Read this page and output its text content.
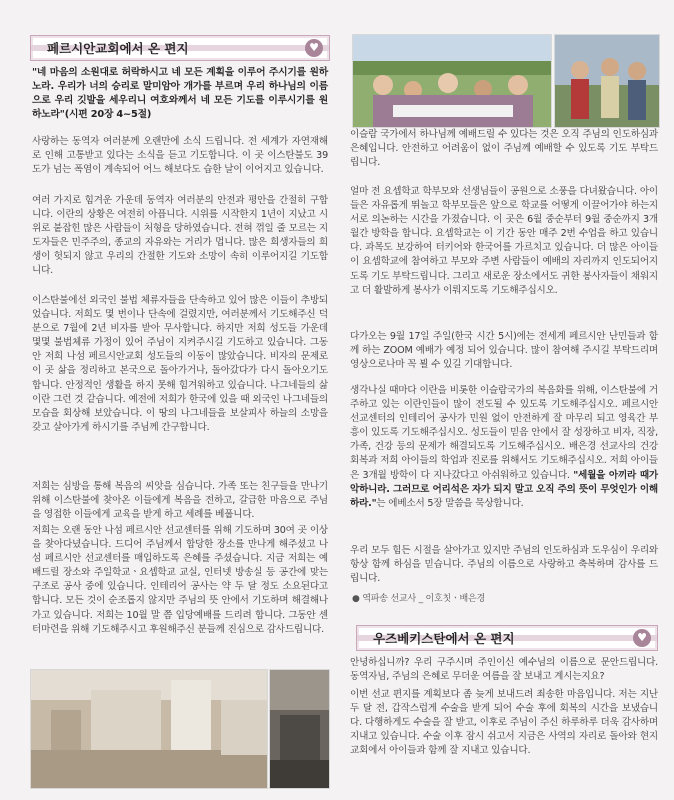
페르시안교회에서 온 편지	♥
"네 마음의 소원대로 허락하시고 네 모든 계획을 이루어 주시기를 원하노라. 우리가 너의 승리로 말미암아 개가를 부르며 우리 하나님의 이름으로 우리 깃발을 세우리니 여호와께서 네 모든 기도를 이루시기를 원하노라"(시편 20장 4~5절)
사랑하는 동역자 여러분께 오랜만에 소식 드립니다. 전 세계가 자연재해로 인해 고통받고 있다는 소식을 듣고 기도합니다. 이 곳 이스탄불도 39도가 넘는 폭염이 계속되어 어느 해보다도 습한 날이 이어지고 있습니다.
여러 가지로 힘겨운 가운데 동역자 여러분의 안전과 평안을 간절히 구합니다. 이란의 상황은 여전히 아픕니다. 시위를 시작한지 1년이 지났고 시위로 붙잡힌 많은 사람들이 처형을 당하였습니다. 전혀 꺾일 줄 모르는 지도자들은 민주주의, 종교의 자유와는 거리가 멉니다. 많은 희생자들의 희생이 헛되지 않고 우리의 간절한 기도와 소망이 속히 이루어지길 기도합니다.
이스탄불에선 외국인 불법 체류자들을 단속하고 있어 많은 이들이 추방되었습니다. 저희도 몇 번이나 단속에 걸렸지만, 여러분께서 기도해주신 덕분으로 7월에 2년 비자를 받아 무사합니다. 하지만 저희 성도들 가운데 몇몇 불법체류 가정이 있어 주님이 지켜주시길 기도하고 있습니다. 그동안 저희 나섬 페르시안교회 성도들의 이동이 많았습니다. 비자의 문제로 이 곳 삶을 정리하고 본국으로 돌아가거나, 돌아갔다가 다시 돌아오기도 합니다. 안정적인 생활을 하지 못해 힘겨워하고 있습니다. 나그네들의 삶이란 그런 것 같습니다. 예전에 저희가 한국에 있을 때 외국인 나그네들의 모습을 회상해 보았습니다. 이 땅의 나그네들을 보살피사 하늘의 소망을 갖고 살아가게 하시기를 주님께 간구합니다.
저희는 심방을 통해 복음의 씨앗을 심습니다. 가족 또는 친구들을 만나기 위해 이스탄불에 찾아온 이들에게 복음을 전하고, 갈급한 마음으로 주님을 영접한 이들에게 교육을 받게 하고 세례를 베풉니다.
저희는 오랜 동안 나섬 페르시안 선교센터를 위해 기도하며 30여 곳 이상을 찾아다녔습니다. 드디어 주님께서 합당한 장소를 만나게 해주셨고 나섬 페르시안 선교센터를 매입하도록 은혜를 주셨습니다. 지금 저희는 예배드릴 장소와 주일학교ㆍ요셉학교 교실, 인터넷 방송실 등 공간에 맞는 구조로 공사 중에 있습니다. 인테리어 공사는 약 두 달 정도 소요된다고 합니다. 모든 것이 순조롭지 않지만 주님의 뜻 안에서 기도하며 해결해나가고 있습니다. 저희는 10월 말 쯤 입당예배를 드리려 합니다. 그동안 센터마련을 위해 기도해주시고 후원해주신 분들께 진심으로 감사드립니다.
이슬람 국가에서 하나님께 예배드릴 수 있다는 것은 오직 주님의 인도하심과 은혜입니다. 안전하고 어려움이 없이 주님께 예배할 수 있도록 기도 부탁드립니다.
얼마 전 요셉학교 학부모와 선생님들이 공원으로 소풍을 다녀왔습니다. 아이들은 자유롭게 뛰놀고 학부모들은 앞으로 학교를 어떻게 이끌어가야 하는지 서로 의논하는 시간을 가졌습니다. 이 곳은 6월 중순부터 9월 중순까지 3개월간 방학을 합니다. 요셉학교는 이 기간 동안 매주 2번 수업을 하고 있습니다. 과목도 보강하여 터키어와 한국어를 가르치고 있습니다. 더 많은 아이들이 요셉학교에 참여하고 부모와 주변 사람들이 예배의 자리까지 인도되어지도록 기도 부탁드립니다. 그리고 새로운 장소에서도 귀한 봉사자들이 채워지고 더 활발하게 봉사가 이뤄지도록 기도해주십시오.
다가오는 9월 17일 주일(한국 시간 5시)에는 전세계 페르시안 난민들과 함께 하는 ZOOM 예배가 예정 되어 있습니다. 많이 참여해 주시길 부탁드리며 영상으로나마 꼭 뵐 수 있길 기대합니다.
생각나실 때마다 이란을 비롯한 이슬람국가의 복음화를 위해, 이스탄불에 거주하고 있는 이란인들이 많이 전도될 수 있도록 기도해주십시오. 페르시안 선교센터의 인테리어 공사가 민원 없이 안전하게 잘 마무리 되고 영육간 부흥이 있도록 기도해주십시오. 성도들이 믿음 안에서 잘 성장하고 비자, 직장, 가족, 건강 등의 문제가 해결되도록 기도해주십시오. 배은경 선교사의 건강회복과 저희 아이들의 학업과 진로를 위해서도 기도해주십시오. 저희 아이들은 3개월 방학이 다 지나갔다고 아쉬워하고 있습니다. "세월을 아끼라 때가 악하니라. 그러므로 어리석은 자가 되지 말고 오직 주의 뜻이 무엇인가 이해하라."는 에베소서 5장 말씀을 묵상합니다.
우리 모두 힘든 시절을 살아가고 있지만 주님의 인도하심과 도우심이 우리와 항상 함께 하심을 믿습니다. 주님의 이름으로 사랑하고 축복하며 감사를 드립니다.
● 역파송 선교사 _ 이호칫ㆍ배은경
우즈베키스탄에서 온 편지	♥
안녕하십니까? 우리 구주시며 주인이신 예수님의 이름으로 문안드립니다. 동역자님, 주님의 은혜로 무더운 여름을 잘 보내고 계시는지요?
이번 선교 편지를 계획보다 좀 늦게 보내드려 죄송한 마음입니다. 저는 지난 두 달 전, 갑작스럽게 수술을 받게 되어 수술 후에 회복의 시간을 보냈습니다. 다행하게도 수술을 잘 받고, 이후로 주님이 주신 하루하루 더욱 감사하며 지내고 있습니다. 수술 이후 잠시 쉬고서 지금은 사역의 자리로 돌아와 현지 교회에서 아이들과 함께 잘 지내고 있습니다.
